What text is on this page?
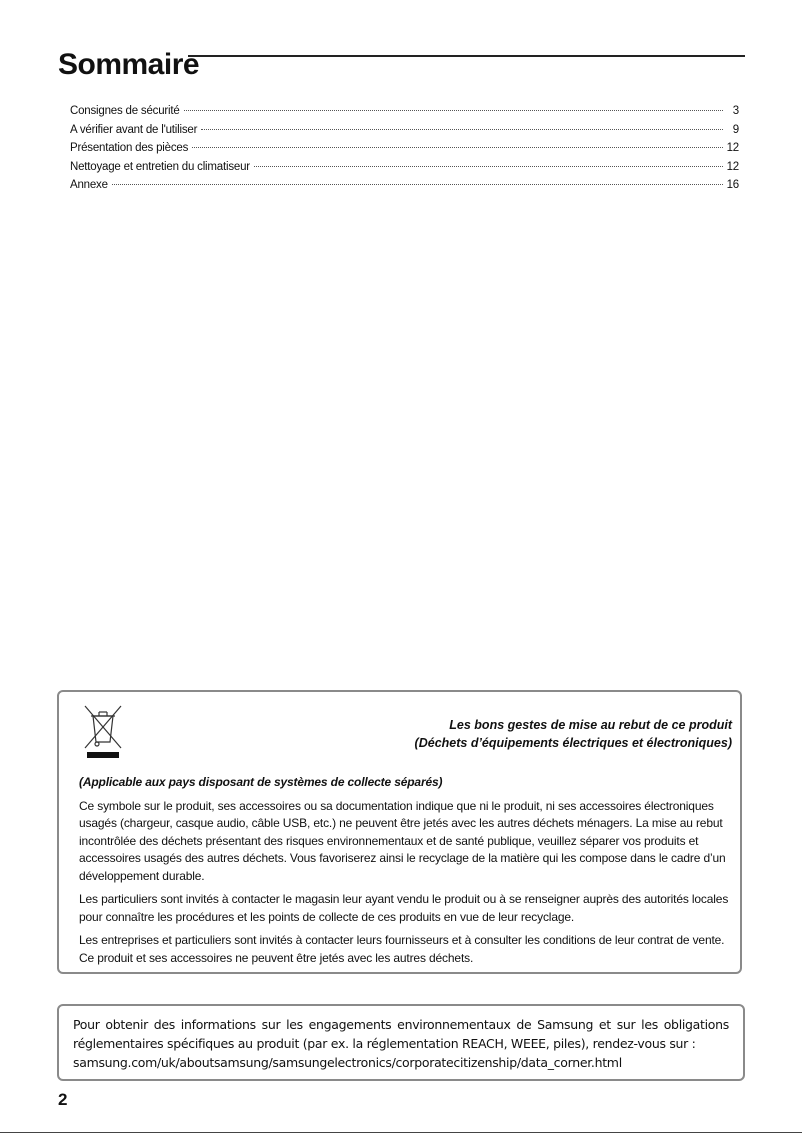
Sommaire
Consignes de sécurité	3
A vérifier avant de l'utiliser	9
Présentation des pièces	12
Nettoyage et entretien du climatiseur	12
Annexe	16
Les bons gestes de mise au rebut de ce produit
(Déchets d’équipements électriques et électroniques)

(Applicable aux pays disposant de systèmes de collecte séparés)

Ce symbole sur le produit, ses accessoires ou sa documentation indique que ni le produit, ni ses accessoires électroniques usagés (chargeur, casque audio, câble USB, etc.) ne peuvent être jetés avec les autres déchets ménagers. La mise au rebut incontrôlée des déchets présentant des risques environnementaux et de santé publique, veuillez séparer vos produits et accessoires usagés des autres déchets. Vous favoriserez ainsi le recyclage de la matière qui les compose dans le cadre d’un développement durable.

Les particuliers sont invités à contacter le magasin leur ayant vendu le produit ou à se renseigner auprès des autorités locales pour connaître les procédures et les points de collecte de ces produits en vue de leur recyclage.

Les entreprises et particuliers sont invités à contacter leurs fournisseurs et à consulter les conditions de leur contrat de vente. Ce produit et ses accessoires ne peuvent être jetés avec les autres déchets.

Pour obtenir des informations sur les engagements environnementaux de Samsung et sur les obligations réglementaires spécifiques au produit (par ex. la réglementation REACH, WEEE, piles), rendez-vous sur :
samsung.com/uk/aboutsamsung/samsungelectronics/corporatecitizenship/data_corner.html
2
